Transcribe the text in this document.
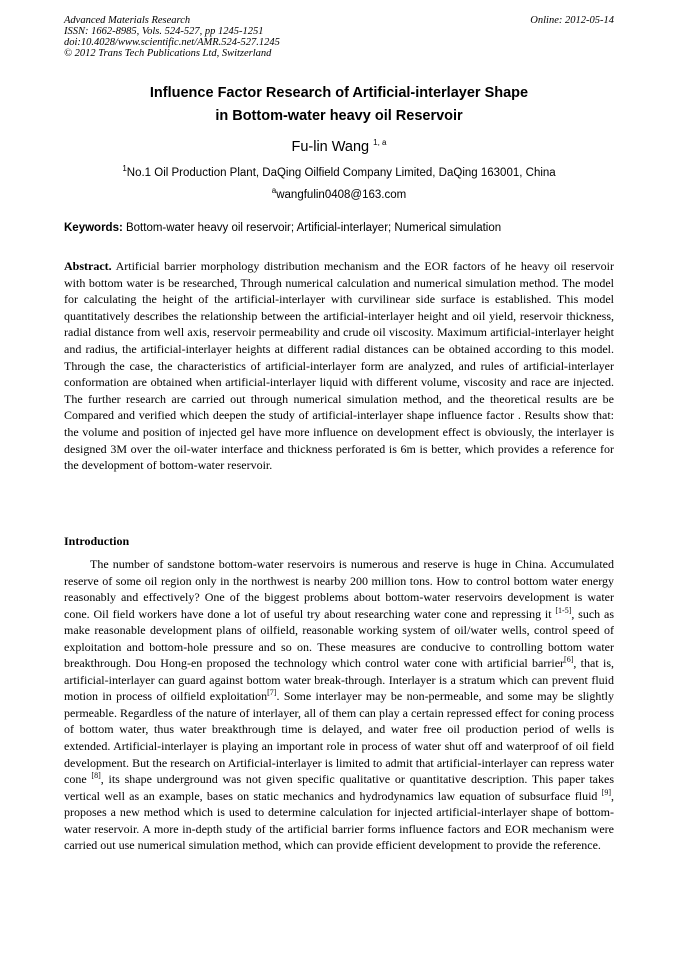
Advanced Materials Research
ISSN: 1662-8985, Vols. 524-527, pp 1245-1251
doi:10.4028/www.scientific.net/AMR.524-527.1245
© 2012 Trans Tech Publications Ltd, Switzerland
Online: 2012-05-14
Influence Factor Research of Artificial-interlayer Shape
in Bottom-water heavy oil Reservoir
Fu-lin Wang $^{1, a}$
$^1$No.1 Oil Production Plant, DaQing Oilfield Company Limited, DaQing 163001, China
$^a$wangfulin0408@163.com
Keywords: Bottom-water heavy oil reservoir; Artificial-interlayer; Numerical simulation

Abstract. Artificial barrier morphology distribution mechanism and the EOR factors of he heavy oil reservoir with bottom water is be researched, Through numerical calculation and numerical simulation method. The model for calculating the height of the artificial-interlayer with curvilinear side surface is established. This model quantitatively describes the relationship between the artificial-interlayer height and oil yield, reservoir thickness, radial distance from well axis, reservoir permeability and crude oil viscosity. Maximum artificial-interlayer height and radius, the artificial-interlayer heights at different radial distances can be obtained according to this model. Through the case, the characteristics of artificial-interlayer form are analyzed, and rules of artificial-interlayer conformation are obtained when artificial-interlayer liquid with different volume, viscosity and race are injected. The further research are carried out through numerical simulation method, and the theoretical results are be Compared and verified which deepen the study of artificial-interlayer shape influence factor . Results show that: the volume and position of injected gel have more influence on development effect is obviously, the interlayer is designed 3M over the oil-water interface and thickness perforated is 6m is better, which provides a reference for the development of bottom-water reservoir.

Introduction

The number of sandstone bottom-water reservoirs is numerous and reserve is huge in China. Accumulated reserve of some oil region only in the northwest is nearby 200 million tons. How to control bottom water energy reasonably and effectively? One of the biggest problems about bottom-water reservoirs development is water cone. Oil field workers have done a lot of useful try about researching water cone and repressing it [1-5], such as make reasonable development plans of oilfield, reasonable working system of oil/water wells, control speed of exploitation and bottom-hole pressure and so on. These measures are conducive to controlling bottom water breakthrough. Dou Hong-en proposed the technology which control water cone with artificial barrier[6], that is, artificial-interlayer can guard against bottom water break-through. Interlayer is a stratum which can prevent fluid motion in process of oilfield exploitation[7]. Some interlayer may be non-permeable, and some may be slightly permeable. Regardless of the nature of interlayer, all of them can play a certain repressed effect for coning process of bottom water, thus water breakthrough time is delayed, and water free oil production period of wells is extended. Artificial-interlayer is playing an important role in process of water shut off and waterproof of oil field development. But the research on Artificial-interlayer is limited to admit that artificial-interlayer can repress water cone [8], its shape underground was not given specific qualitative or quantitative description. This paper takes vertical well as an example, bases on static mechanics and hydrodynamics law equation of subsurface fluid [9], proposes a new method which is used to determine calculation for injected artificial-interlayer shape of bottom-water reservoir. A more in-depth study of the artificial barrier forms influence factors and EOR mechanism were carried out use numerical simulation method, which can provide efficient development to provide the reference.
